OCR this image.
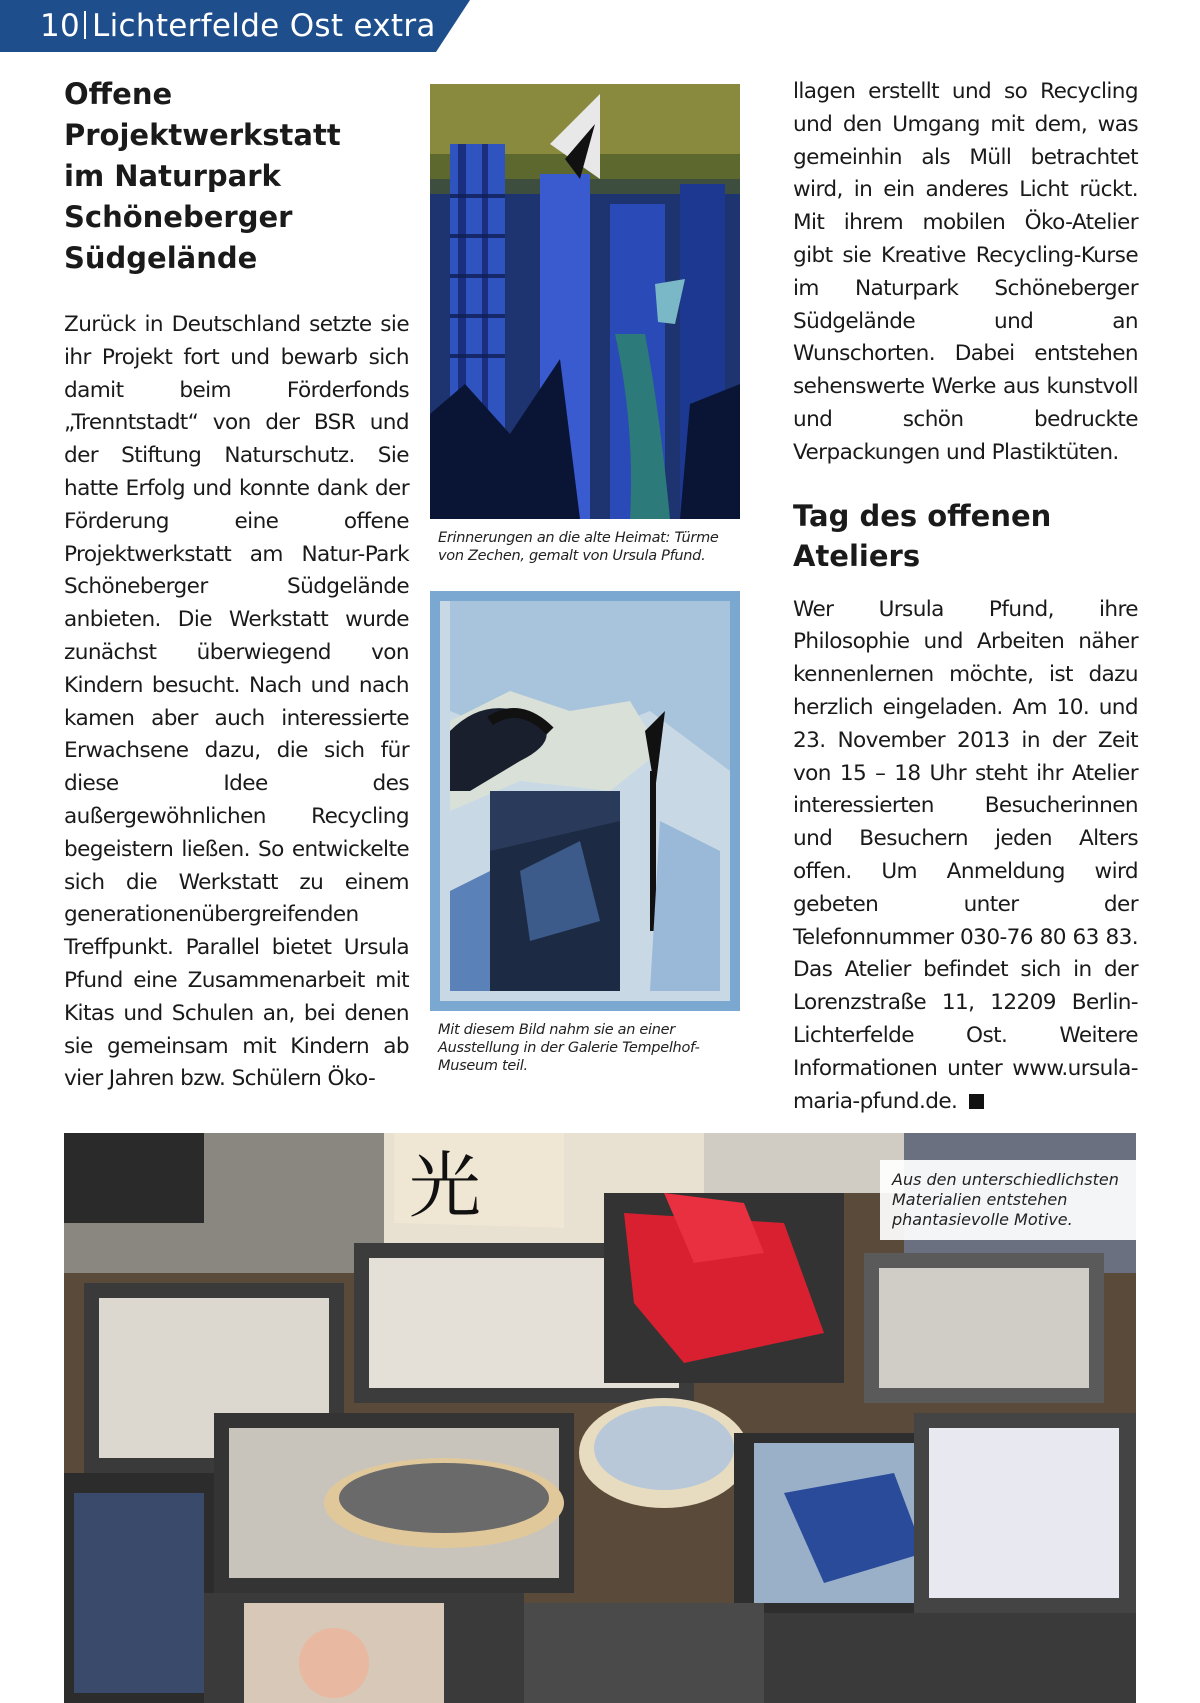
10 Lichterfelde Ost extra
Offene
Projektwerkstatt
im Naturpark
Schöneberger
Südgelände

Zurück in Deutschland setzte sie ihr Projekt fort und bewarb sich damit beim Förderfonds „Trenntstadt“ von der BSR und der Stiftung Naturschutz. Sie hatte Erfolg und konnte dank der Förderung eine offene Projektwerkstatt am Natur-Park Schöneberger Südgelände anbieten. Die Werkstatt wurde zunächst überwiegend von Kindern besucht. Nach und nach kamen aber auch interessierte Erwachsene dazu, die sich für diese Idee des außergewöhnlichen Recycling begeistern ließen. So entwickelte sich die Werkstatt zu einem generationenübergreifenden Treffpunkt. Parallel bietet Ursula Pfund eine Zusammenarbeit mit Kitas und Schulen an, bei denen sie gemeinsam mit Kindern ab vier Jahren bzw. Schülern Öko-

Erinnerungen an die alte Heimat: Türme von Zechen, gemalt von Ursula Pfund.
Mit diesem Bild nahm sie an einer Ausstellung in der Galerie Tempelhof-Museum teil.

llagen erstellt und so Recycling und den Umgang mit dem, was gemeinhin als Müll betrachtet wird, in ein anderes Licht rückt. Mit ihrem mobilen Öko-Atelier gibt sie Kreative Recycling-Kurse im Naturpark Schöneberger Südgelände und an Wunschorten. Dabei entstehen sehenswerte Werke aus kunstvoll und schön bedruckte Verpackungen und Plastiktüten.

Tag des offenen
Ateliers

Wer Ursula Pfund, ihre Philosophie und Arbeiten näher kennenlernen möchte, ist dazu herzlich eingeladen. Am 10. und 23. November 2013 in der Zeit von 15 – 18 Uhr steht ihr Atelier interessierten Besucherinnen und Besuchern jeden Alters offen. Um Anmeldung wird gebeten unter der Telefonnummer 030-76 80 63 83. Das Atelier befindet sich in der Lorenzstraße 11, 12209 Berlin-Lichterfelde Ost. Weitere Informationen unter www.ursula-maria-pfund.de.

光	Aus den unterschiedlichsten Materialien entstehen phantasievolle Motive.
